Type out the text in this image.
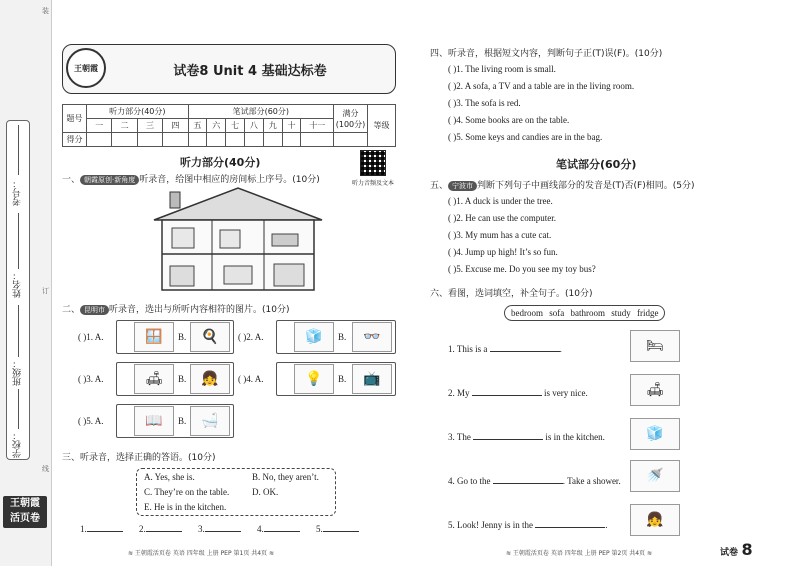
考号：
姓名：
班级：
学校：
装
订
线
王朝霞
活页卷
王朝霞	试卷8 Unit 4 基础达标卷
题号	听力部分(40分)				笔试部分(60分)							满分(100分)	等级
	一	二	三	四	五	六	七	八	九	十	十一		
得分													
听力部分(40分)
听力音频及文本
一、 朝霞原创·新角度 听录音，给图中相应的房间标上序号。(10分)
二、 昆明市 听录音，选出与所听内容相符的图片。(10分)
( )1. A.	🪟	B.	🍳	( )2. A.	🧊	B.	👓
( )3. A.	🛋	B.	👧	( )4. A.	💡	B.	📺
( )5. A.	📖	B.	🛁
三、听录音，选择正确的答语。(10分)
A. Yes, she is.	B. No, they aren’t.
C. They’re on the table.	D. OK.
E. He is in the kitchen.
1.	2.	3.	4.	5.
≋ 王朝霞活页卷 英语 四年级 上册 PEP 第1页 共4页 ≋
四、听录音，根据短文内容，判断句子正(T)误(F)。(10分)
( )1. The living room is small.
( )2. A sofa, a TV and a table are in the living room.
( )3. The sofa is red.
( )4. Some books are on the table.
( )5. Some keys and candies are in the bag.
笔试部分(60分)
五、 宁波市 判断下列句子中画线部分的发音是(T)否(F)相同。(5分)
( )1. A duck is under the tree.
( )2. He can use the computer.
( )3. My mum has a cute cat.
( )4. Jump up high! It’s so fun.
( )5. Excuse me. Do you see my toy bus?
六、看图，选词填空，补全句子。(10分)
bedroom sofa bathroom study fridge
1. This is a	.	🛏
2. My	is very nice.	🛋
3. The	is in the kitchen.	🧊
4. Go to the	. Take a shower.	🚿
5. Look! Jenny is in the	.	👧
≋ 王朝霞活页卷 英语 四年级 上册 PEP 第2页 共4页 ≋	试卷 8
